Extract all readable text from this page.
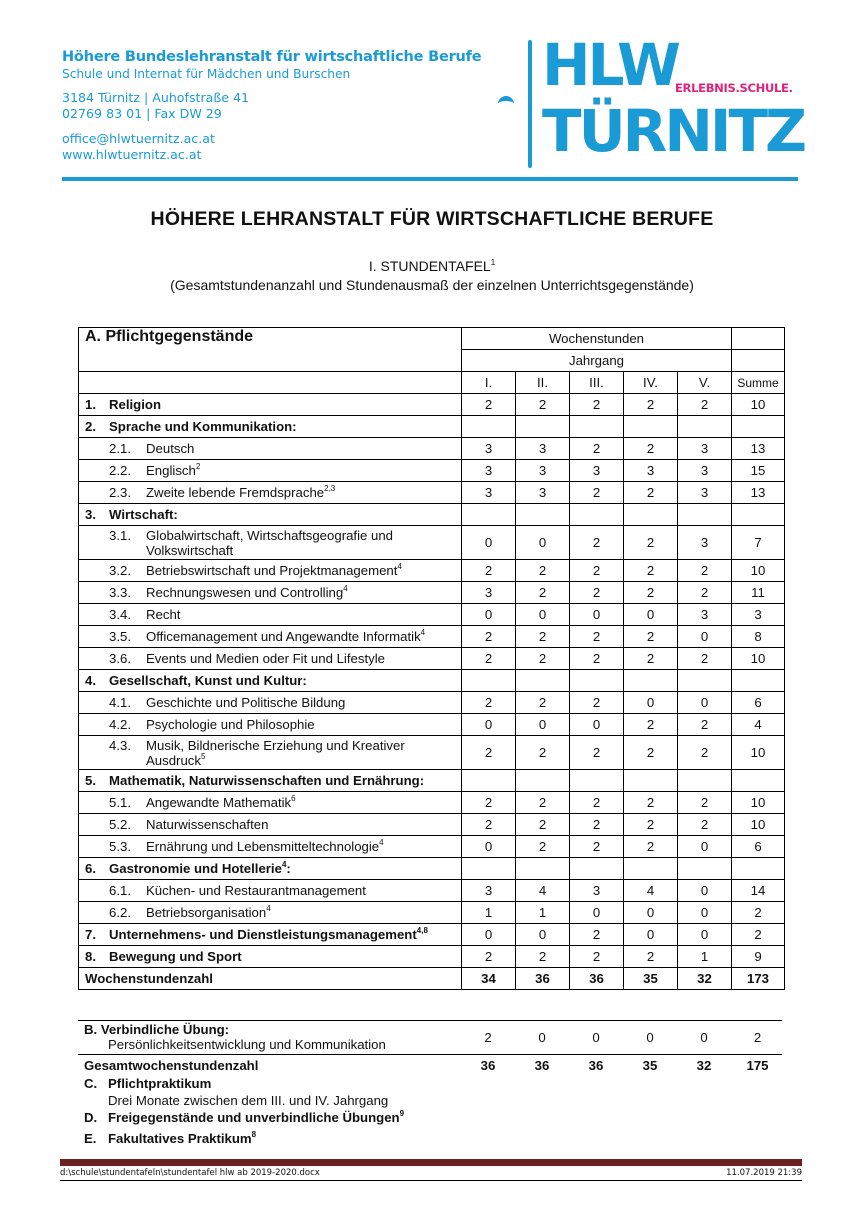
Höhere Bundeslehranstalt für wirtschaftliche Berufe
Schule und Internat für Mädchen und Burschen
3184 Türnitz | Auhofstraße 41
02769 83 01 | Fax DW 29
office@hlwtuernitz.ac.at
www.hlwtuernitz.ac.at
HLW
ERLEBNIS.SCHULE.
TÜRNITZ
HÖHERE LEHRANSTALT FÜR WIRTSCHAFTLICHE BERUFE
I. STUNDENTAFEL$^1$
(Gesamtstundenanzahl und Stundenausmaß der einzelnen Unterrichtsgegenstände)
A. Pflichtgegenstände	Wochenstunden					
	Jahrgang					
	I.	II.	III.	IV.	V.	Summe
1. Religion	2	2	2	2	2	10
2. Sprache und Kommunikation:						
2.1. Deutsch	3	3	2	2	3	13
2.2. Englisch$^2$	3	3	3	3	3	15
2.3. Zweite lebende Fremdsprache$^{2,3}$	3	3	2	2	3	13
3. Wirtschaft:						
3.1. Globalwirtschaft, Wirtschaftsgeografie und
Volkswirtschaft	0	0	2	2	3	7
3.2. Betriebswirtschaft und Projektmanagement$^4$	2	2	2	2	2	10
3.3. Rechnungswesen und Controlling$^4$	3	2	2	2	2	11
3.4. Recht	0	0	0	0	3	3
3.5. Officemanagement und Angewandte Informatik$^4$	2	2	2	2	0	8
3.6. Events und Medien oder Fit und Lifestyle	2	2	2	2	2	10
4. Gesellschaft, Kunst und Kultur:						
4.1. Geschichte und Politische Bildung	2	2	2	0	0	6
4.2. Psychologie und Philosophie	0	0	0	2	2	4
4.3. Musik, Bildnerische Erziehung und Kreativer
Ausdruck$^5$	2	2	2	2	2	10
5. Mathematik, Naturwissenschaften und Ernährung:						
5.1. Angewandte Mathematik$^6$	2	2	2	2	2	10
5.2. Naturwissenschaften	2	2	2	2	2	10
5.3. Ernährung und Lebensmitteltechnologie$^4$	0	2	2	2	0	6
6. Gastronomie und Hotellerie$^4$:						
6.1. Küchen- und Restaurantmanagement	3	4	3	4	0	14
6.2. Betriebsorganisation$^4$	1	1	0	0	0	2
7. Unternehmens- und Dienstleistungsmanagement$^{4,8}$	0	0	2	0	0	2
8. Bewegung und Sport	2	2	2	2	1	9
Wochenstundenzahl	34	36	36	35	32	173
B. Verbindliche Übung:
Persönlichkeitsentwicklung und Kommunikation	2	0	0	0	0	2
Gesamtwochenstundenzahl	36	36	36	35	32	175
C. Pflichtpraktikum
Drei Monate zwischen dem III. und IV. Jahrgang
D. Freigegenstände und unverbindliche Übungen$^9$
E. Fakultatives Praktikum$^8$
d:\schule\stundentafeln\stundentafel hlw ab 2019-2020.docx	11.07.2019 21:39
